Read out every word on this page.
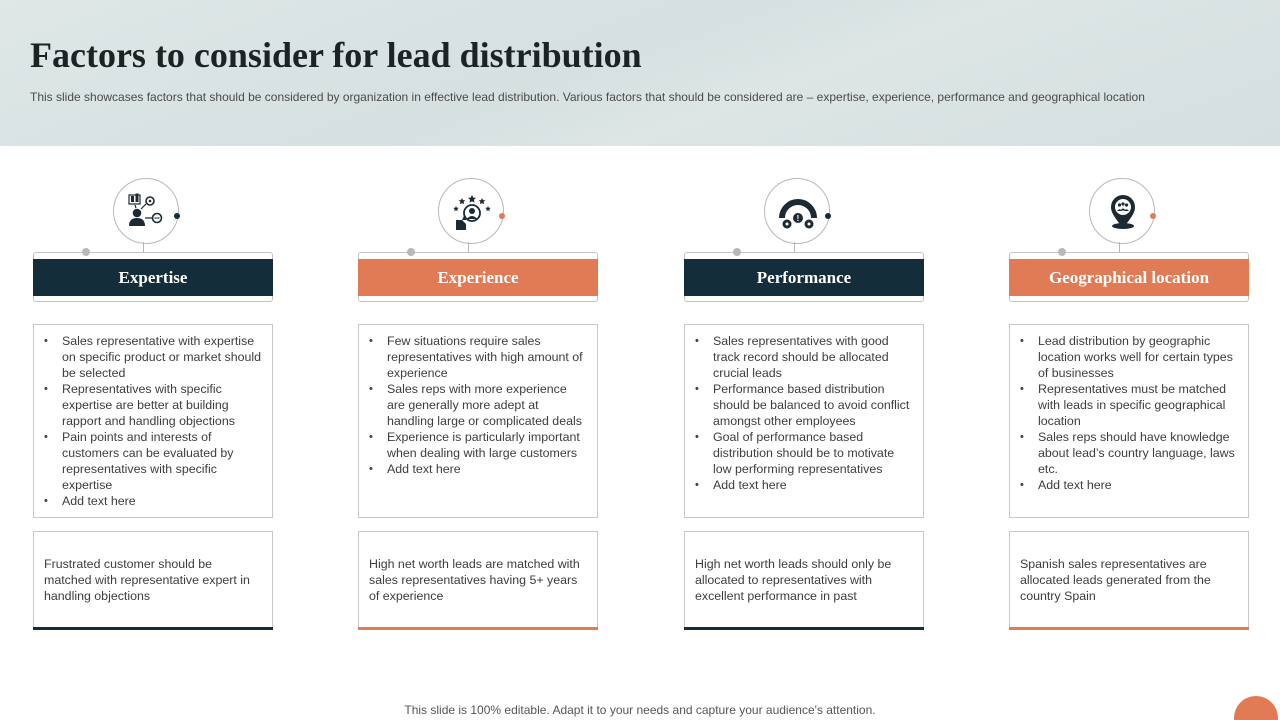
Factors to consider for lead distribution
This slide showcases factors that should be considered by organization in effective lead distribution. Various factors that should be considered are – expertise, experience, performance and geographical location
Expertise
• Sales representative with expertise on specific product or market should be selected
• Representatives with specific expertise are better at building rapport and handling objections
• Pain points and interests of customers can be evaluated by representatives with specific expertise
• Add text here
Frustrated customer should be matched with representative expert in handling objections
Experience
• Few situations require sales representatives with high amount of experience
• Sales reps with more experience are generally more adept at handling large or complicated deals
• Experience is particularly important when dealing with large customers
• Add text here
High net worth leads are matched with sales representatives having 5+ years of experience
!
Performance
• Sales representatives with good track record should be allocated crucial leads
• Performance based distribution should be balanced to avoid conflict amongst other employees
• Goal of performance based distribution should be to motivate low performing representatives
• Add text here
High net worth leads should only be allocated to representatives with excellent performance in past
Geographical location
• Lead distribution by geographic location works well for certain types of businesses
• Representatives must be matched with leads in specific geographical location
• Sales reps should have knowledge about lead’s country language, laws etc.
• Add text here
Spanish sales representatives are allocated leads generated from the country Spain
This slide is 100% editable. Adapt it to your needs and capture your audience's attention.
